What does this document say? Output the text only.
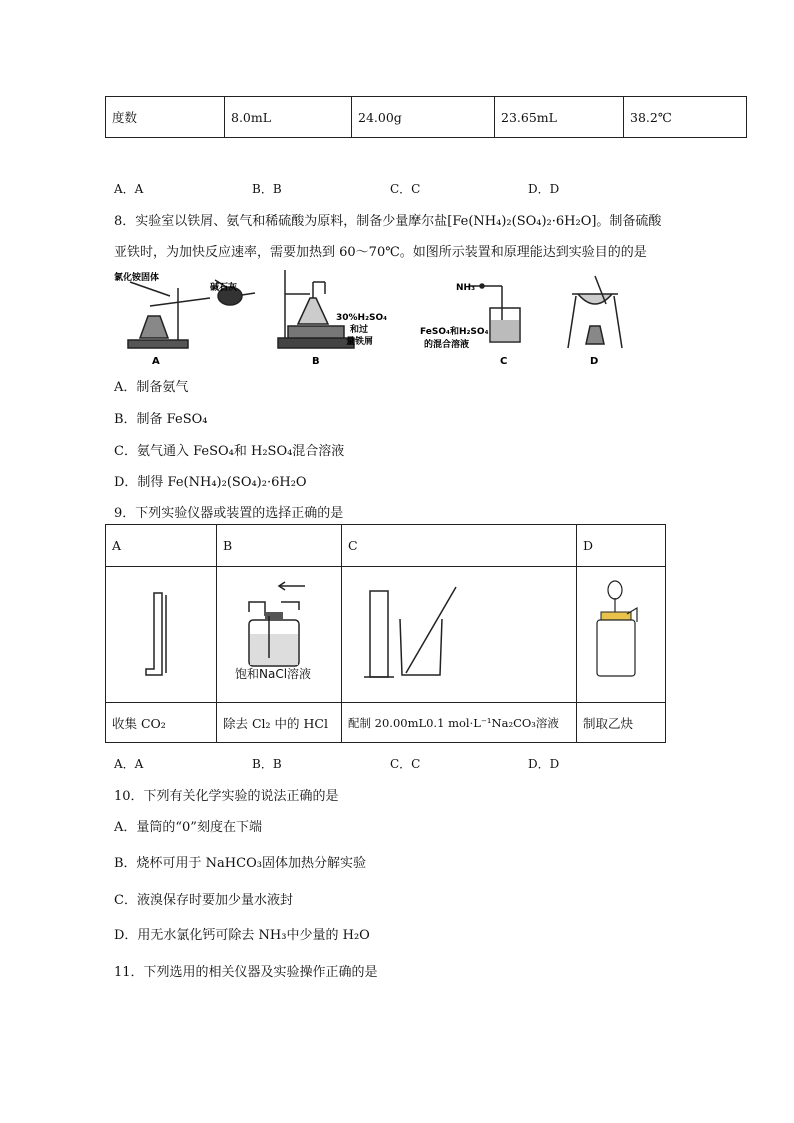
度数	8.0mL	24.00g	23.65mL	38.2℃
A．A	B．B	C．C	D．D
8．实验室以铁屑、氨气和稀硫酸为原料，制备少量摩尔盐[Fe(NH₄)₂(SO₄)₂·6H₂O]。制备硫酸
亚铁时，为加快反应速率，需要加热到 60～70℃。如图所示装置和原理能达到实验目的的是
氯化铵固体
碱石灰
A
30%H₂SO₄
和过
量铁屑
B
NH₃
FeSO₄和H₂SO₄
的混合溶液
C	D
A．制备氨气
B．制备 FeSO₄
C．氨气通入 FeSO₄和 H₂SO₄混合溶液
D．制得 Fe(NH₄)₂(SO₄)₂·6H₂O
9．下列实验仪器或装置的选择正确的是
A	B	C	D

饱和NaCl溶液

收集 CO₂	除去 Cl₂ 中的 HCl	配制 20.00mL0.1 mol·L⁻¹Na₂CO₃溶液	制取乙炔
A．A	B．B	C．C	D．D
10．下列有关化学实验的说法正确的是
A．量筒的“0”刻度在下端
B．烧杯可用于 NaHCO₃固体加热分解实验
C．液溴保存时要加少量水液封
D．用无水氯化钙可除去 NH₃中少量的 H₂O
11．下列选用的相关仪器及实验操作正确的是
